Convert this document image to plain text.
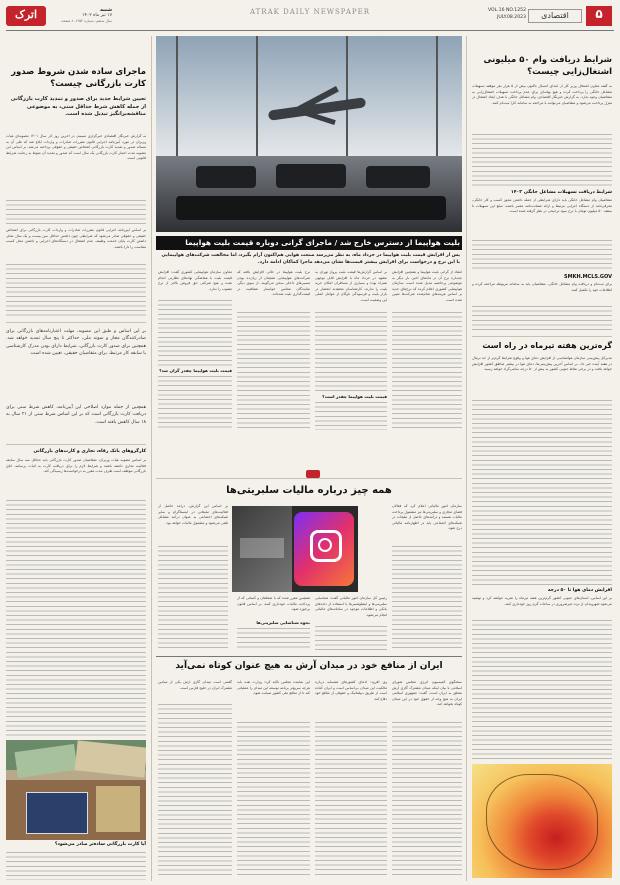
اترک	شنبه
۱۷ تیر ماه ۱۴۰۲
سال ششم، شماره ۱۲۵۲، ۸ صفحه
ATRAK DAILY NEWSPAPER	۵
اقتصادی
VOL.16 NO.1252
JULY.08.2023
ماجرای ساده شدن شروط صدور کارت بازرگانی چیست؟
تعیین شرایط جدید برای صدور و تمدید کارت بازرگانی از جمله کاهش شرط حداقل سنی، به موضوعی مناقشه‌برانگیز تبدیل شده است.
به گزارش خبرنگار اقتصادی خبرگزاری تسنیم، در آخرین روز آذر سال ۱۴۰۱ مصوبه‌ای هیات وزیران در مورد آیین‌نامه اجرایی قانون مقررات صادرات و واردات ابلاغ شد که طی آن به مساله صدور و تمدید کارت بازرگانی اشخاص حقیقی و حقوقی پرداخته می‌شد. بر اساس این مصوبه مدت اعتبار کارت بازرگانی یک سال است که صدور و تمدید آن منوط به رعایت شرایط قانونی است.
بر اساس آیین‌نامه اجرایی قانون مقررات صادرات و واردات کارت بازرگانی برای اشخاص حقیقی و حقوقی صادر می‌شود که شرایطی چون داشتن حداقل سن بیست و یک سال تمام، داشتن کارت پایان خدمت وظیفه، عدم اشتغال در دستگاه‌های اجرایی و داشتن محل کسب متناسب را دارا باشند.
بر این اساس و طبق این مصوبه، مهلت اعتبارنامه‌های بازرگانی برای صادرکنندگان مجاز و نمونه ملی، حداکثر تا پنج سال تمدید خواهد شد. همچنین برای صدور کارت بازرگانی، شرایط دارای بودن مدرک کارشناسی یا سابقه کار مرتبط، برای متقاضیان حقیقی، تعیین شده است.
همچنین از جمله موارد اصلاحی این آیین‌نامه، کاهش شرط سنی برای دریافت کارت بازرگانی است که بر این اساس شرط سنی از ۲۱ سال به ۱۸ سال کاهش یافته است.
کارگروهای بانک رفاه، تجاری و کارت‌های بازرگانی
بر اساس مصوبه هیات وزیران، متقاضیان صدور کارت بازرگانی باید حداقل سه سال سابقه فعالیت تجاری داشته باشند و شرایط لازم را برای دریافت کارت به اثبات برسانند. اتاق بازرگانی موظف است ظرف مدت مقرر به درخواست‌ها رسیدگی کند.
آیا کارت بازرگانی ساده‌تر صادر می‌شود؟
شرایط دریافت وام ۵۰ میلیونی اشتغال‌زایی چیست؟
به گفته معاون اشتغال وزیر کار از ابتدای امسال تاکنون بیش از ۵ هزار نفر موفقه تسهیلات مشاغل خانگی را پرداخت کرده و هیچ بهانه‌ای برای عدم پرداخت تسهیلات اشتغال‌زایی به متقاضیان وجود ندارد. به گزارش خبرنگار اقتصادی، وام مشاغل خانگی با هدف ایجاد اشتغال در منزل پرداخت می‌شود و متقاضیان می‌توانند با مراجعه به سامانه کارا ثبت‌نام کنند.
شرایط دریافت تسهیلات مشاغل خانگی ۱۴۰۲
متقاضیان وام مشاغل خانگی باید دارای شرایطی از جمله داشتن مجوز کسب و کار خانگی، معرفی‌نامه از دستگاه اجرایی مرتبط و ارائه ضمانت‌نامه معتبر باشند. مبلغ این تسهیلات تا سقف ۵۰ میلیون تومان با نرخ سود ترجیحی در نظر گرفته شده است.
SMKH.MCLS.GOV
برای ثبت‌نام و دریافت وام مشاغل خانگی، متقاضیان باید به سامانه مربوطه مراجعه کرده و اطلاعات خود را تکمیل کنند.
گره‌ترین هفته تیرماه در راه است
مدیرکل پیش‌بینی سازمان هواشناسی از افزایش دمای هوا و وقوع شرایط گرم‌تر از حد نرمال در هفته آینده خبر داد. بر اساس آخرین پیش‌بینی‌ها، دمای هوا در بیشتر مناطق کشور افزایش خواهد یافت و در برخی نقاط جنوبی کشور به بیش از ۵۰ درجه سانتی‌گراد خواهد رسید.
افزایش دمای هوا تا ۵۰ درجه
بر این اساس، استان‌های جنوبی کشور گرم‌ترین هفته تیرماه را تجربه خواهند کرد و توصیه می‌شود شهروندان از تردد غیرضروری در ساعات گرم روز خودداری کنند.
بلیت هواپیما از دسترس خارج شد / ماجرای گرانی دوباره قیمت بلیت هواپیما
پس از افزایش قیمت بلیت هواپیما در خرداد ماه، به نظر می‌رسد صنعت هوایی هم‌اکنون آرام بگیرد، اما مخالفت شرکت‌های هواپیمایی با این نرخ و درخواست برای افزایش بیشتر قیمت‌ها نشان می‌دهد ماجرا کماکان ادامه دارد.
انتقاد از گرانی بلیت هواپیما و همچنین افزایش چندباره نرخ آن در ماه‌های اخیر، بار دیگر به موضوعی پرحاشیه تبدیل شده است. سازمان هواپیمایی کشوری اعلام کرده که نرخ‌های جدید بر اساس هزینه‌های تمام‌شده شرکت‌ها تعیین شده است.
بر اساس گزارش‌ها قیمت بلیت پرواز تهران به مشهد در خرداد ماه با افزایش قابل توجهی همراه بوده و بسیاری از مسافران امکان خرید بلیت را ندارند. کارشناسان معتقدند انحصار در بازار بلیت و فرسودگی ناوگان از عوامل اصلی این وضعیت است.
قیمت بلیت هواپیما چقدر است؟
نرخ بلیت هواپیما در حالی افزایش یافته که شرکت‌های هواپیمایی همچنان از زیان‌ده بودن مسیرهای داخلی سخن می‌گویند. از سوی دیگر، نمایندگان مجلس خواستار شفافیت در قیمت‌گذاری بلیت شده‌اند.
معاون سازمان هواپیمایی کشوری گفت: افزایش قیمت بلیت با هماهنگی نهادهای نظارتی انجام شده و هیچ شرکتی حق فروش بالاتر از نرخ مصوب را ندارد.
قیمت بلیت هواپیما چقدر گران شد؟
همه چیز درباره مالیات سلبریتی‌ها
سازمان امور مالیاتی اعلام کرد که فعالان فضای مجازی و سلبریتی‌ها نیز مشمول پرداخت مالیات هستند و درآمدهای حاصل از تبلیغات در شبکه‌های اجتماعی باید در اظهارنامه مالیاتی درج شود.
بر اساس این گزارش، درآمد حاصل از فعالیت‌های تبلیغاتی در اینستاگرام و سایر شبکه‌های اجتماعی به عنوان درآمد مشاغل تلقی می‌شود و مشمول مالیات خواهد بود.
رئیس کل سازمان امور مالیاتی گفت: شناسایی سلبریتی‌ها و اینفلوئنسرها با استفاده از داده‌های بانکی و اطلاعات موجود در سامانه‌های مالیاتی انجام می‌شود.
همچنین مقرر شده که با متخلفان و کسانی که از پرداخت مالیات خودداری کنند، بر اساس قانون برخورد شود.
نحوه شناسایی سلبریتی‌ها
ایران از منافع خود در میدان آرش به هیچ عنوان کوتاه نمی‌آید
سخنگوی کمیسیون انرژی مجلس شورای اسلامی با بیان اینکه میدان مشترک گازی آرش متعلق به ایران است، گفت: جمهوری اسلامی ایران به هیچ وجه از حقوق خود در این میدان کوتاه نخواهد آمد.
وی افزود: ادعای کشورهای همسایه درباره مالکیت این میدان بی‌اساس است و ایران آماده است از طریق دیپلماتیک و حقوقی از منافع خود دفاع کند.
این نماینده مجلس تاکید کرد: وزارت نفت باید هرچه سریع‌تر برنامه توسعه این میدان را عملیاتی کند تا از منافع ملی کشور صیانت شود.
گفتنی است میدان گازی آرش یکی از میادین مشترک ایران در خلیج فارس است.
